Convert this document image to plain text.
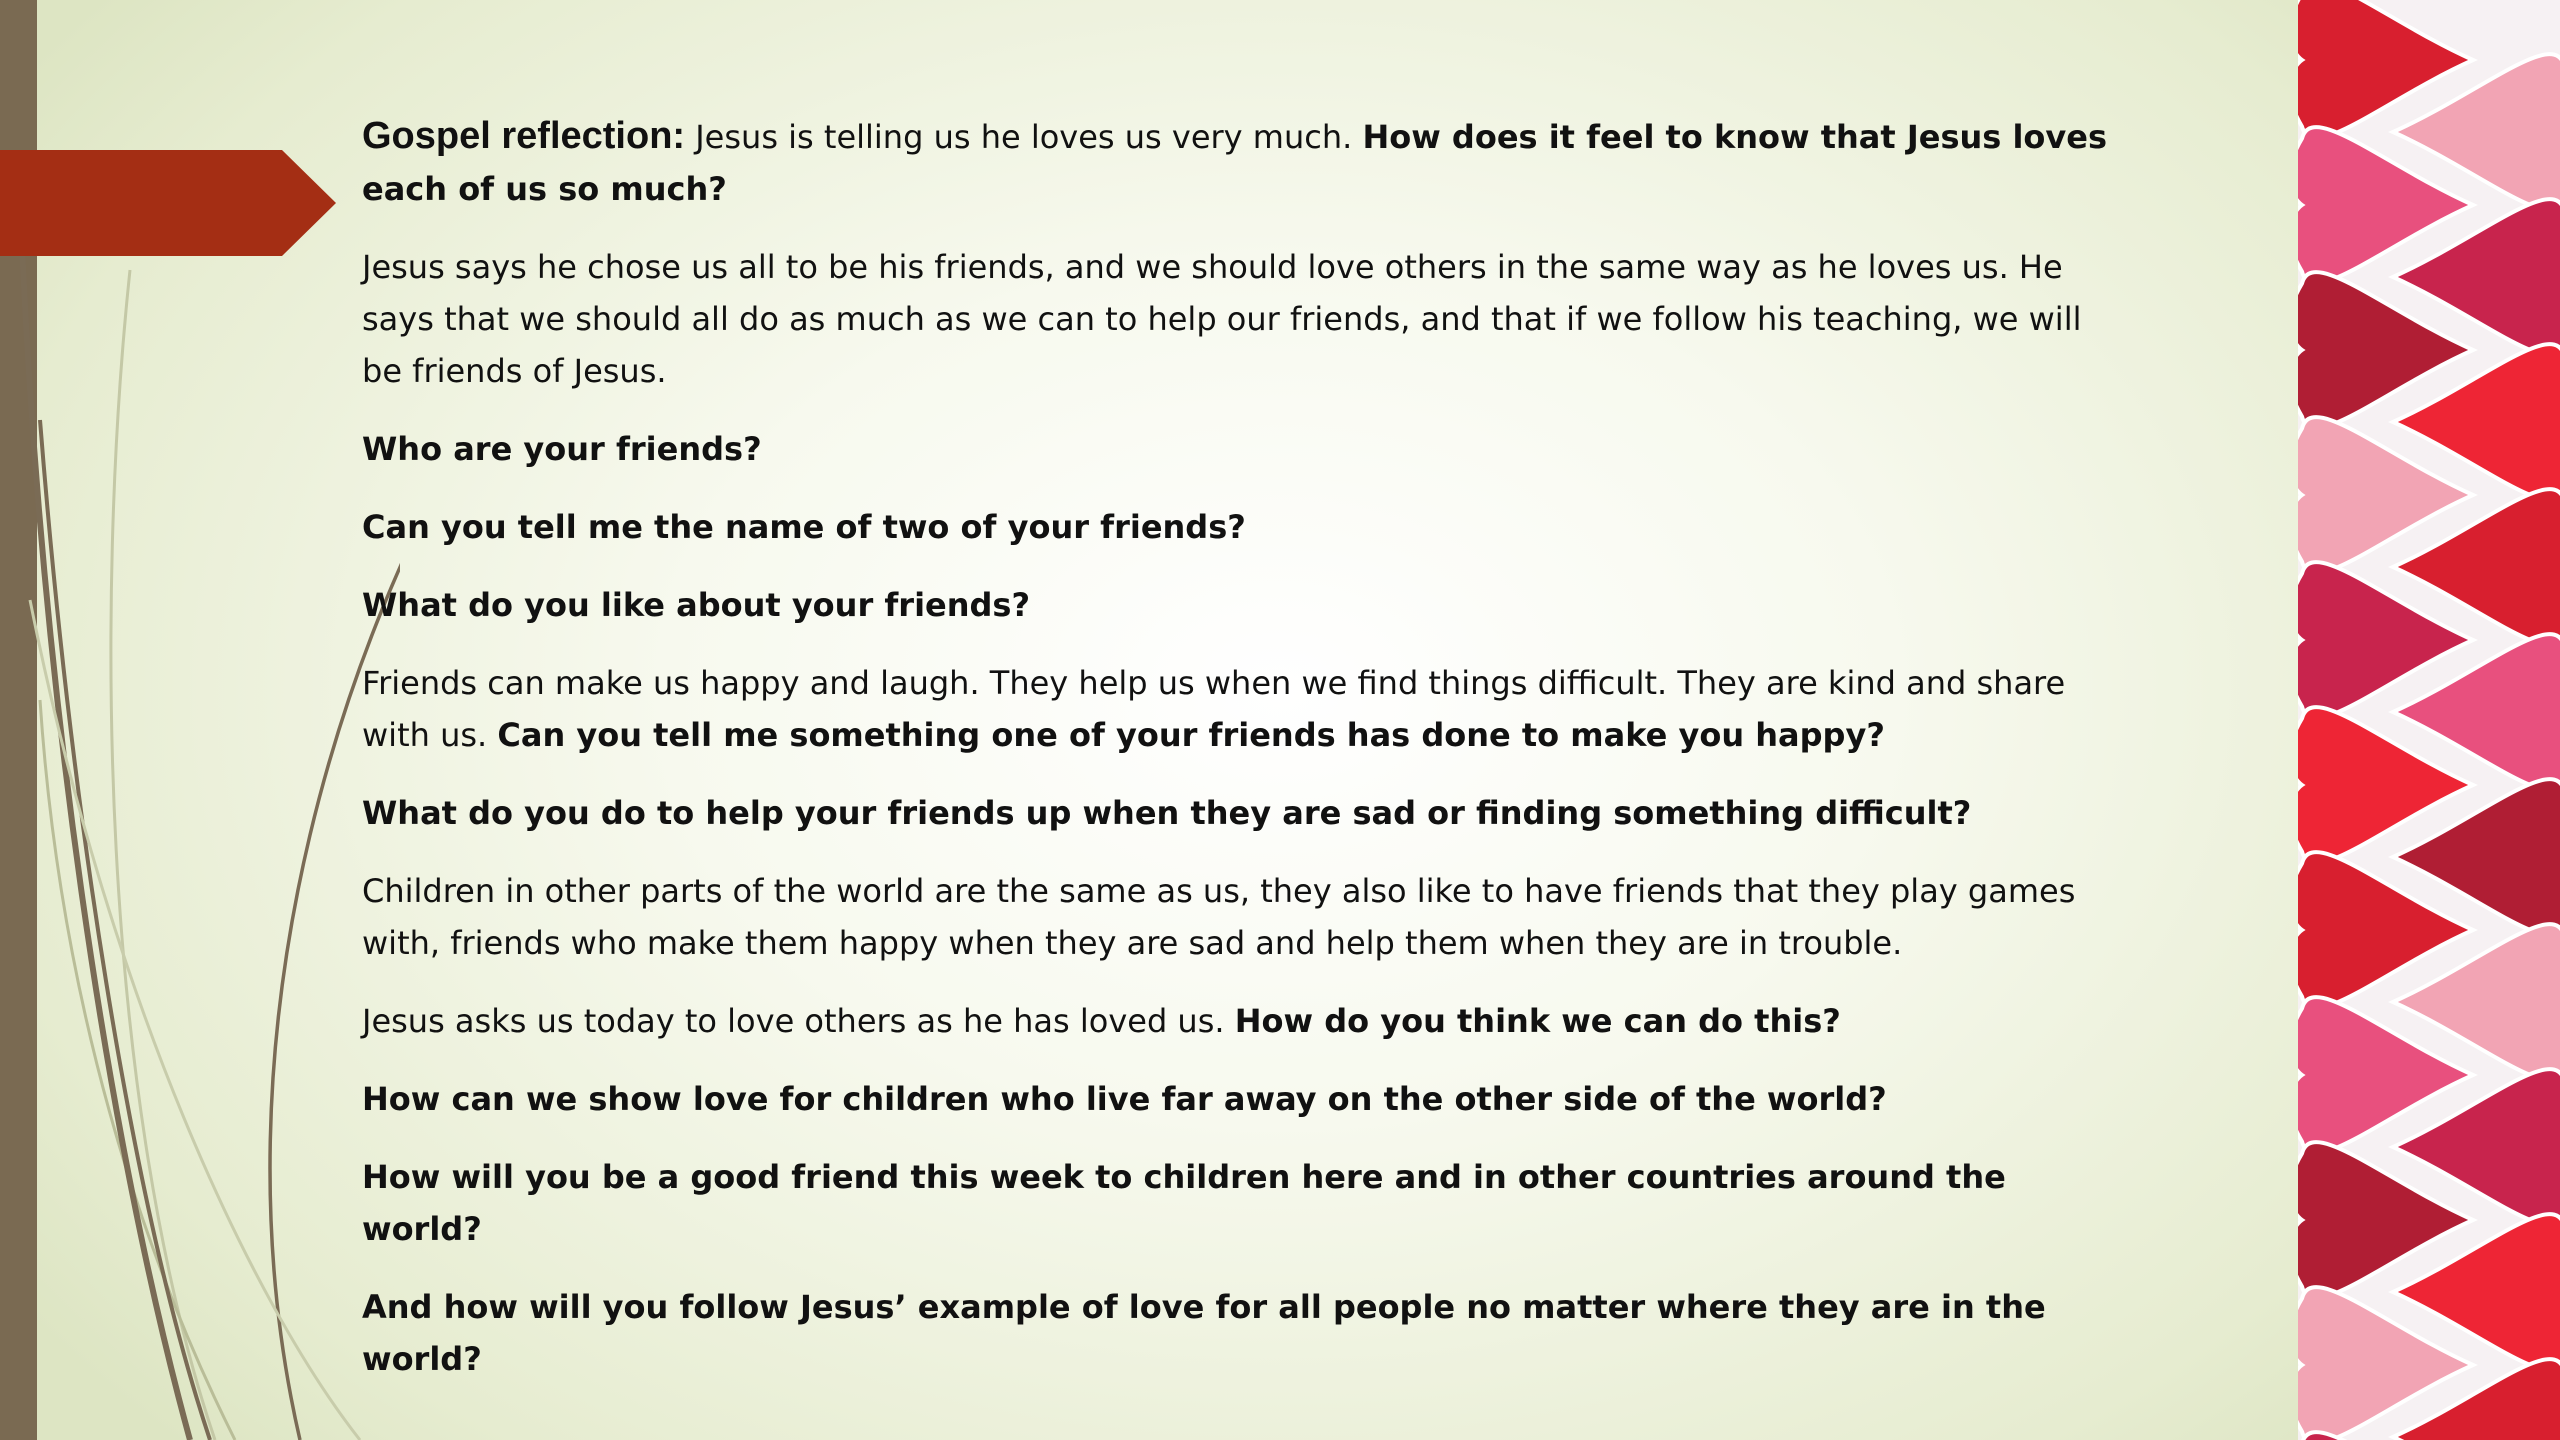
Gospel reflection: Jesus is telling us he loves us very much. How does it feel to know that Jesus loves each of us so much?

Jesus says he chose us all to be his friends, and we should love others in the same way as he loves us. He says that we should all do as much as we can to help our friends, and that if we follow his teaching, we will be friends of Jesus.

Who are your friends?

Can you tell me the name of two of your friends?

What do you like about your friends?

Friends can make us happy and laugh. They help us when we find things difficult. They are kind and share with us. Can you tell me something one of your friends has done to make you happy?

What do you do to help your friends up when they are sad or finding something difficult?

Children in other parts of the world are the same as us, they also like to have friends that they play games with, friends who make them happy when they are sad and help them when they are in trouble.

Jesus asks us today to love others as he has loved us. How do you think we can do this?

How can we show love for children who live far away on the other side of the world?

How will you be a good friend this week to children here and in other countries around the world?

And how will you follow Jesus’ example of love for all people no matter where they are in the world?
